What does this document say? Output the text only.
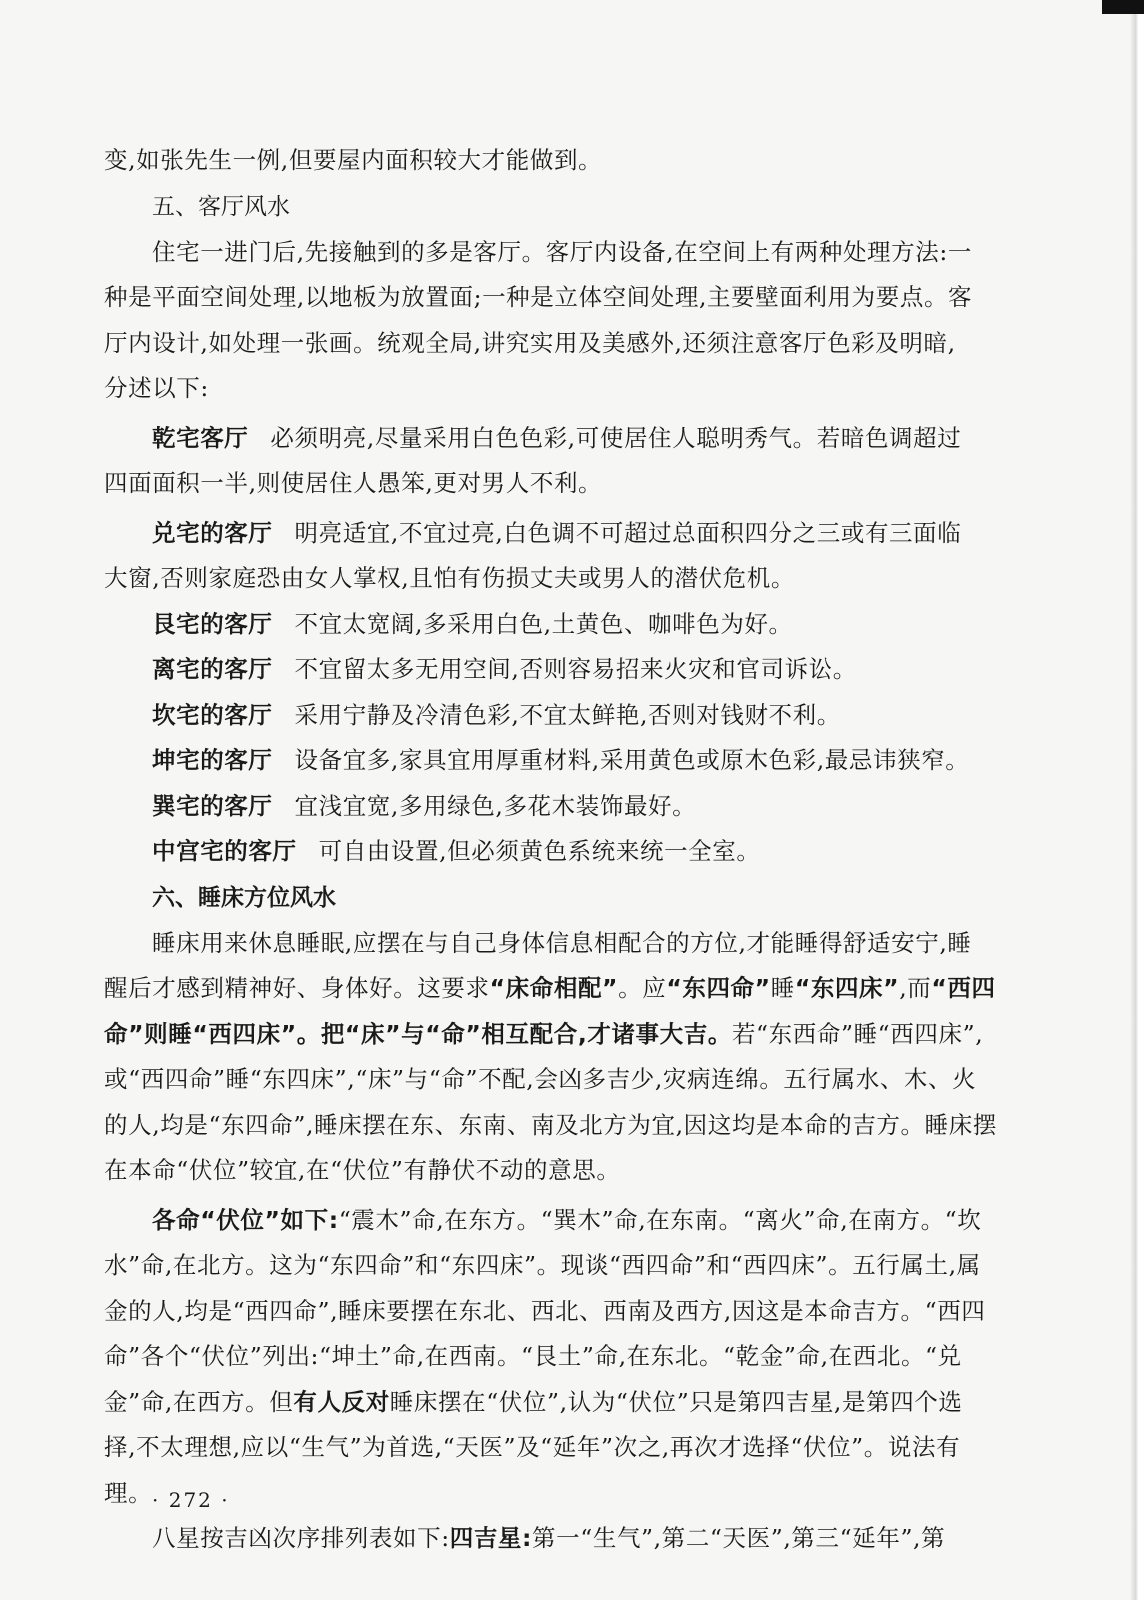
变,如张先生一例,但要屋内面积较大才能做到。
五、客厅风水
住宅一进门后,先接触到的多是客厅。客厅内设备,在空间上有两种处理方法:一
种是平面空间处理,以地板为放置面;一种是立体空间处理,主要壁面利用为要点。客
厅内设计,如处理一张画。统观全局,讲究实用及美感外,还须注意客厅色彩及明暗,
分述以下:
乾宅客厅 必须明亮,尽量采用白色色彩,可使居住人聪明秀气。若暗色调超过
四面面积一半,则使居住人愚笨,更对男人不利。
兑宅的客厅 明亮适宜,不宜过亮,白色调不可超过总面积四分之三或有三面临
大窗,否则家庭恐由女人掌权,且怕有伤损丈夫或男人的潜伏危机。
艮宅的客厅 不宜太宽阔,多采用白色,土黄色、咖啡色为好。
离宅的客厅 不宜留太多无用空间,否则容易招来火灾和官司诉讼。
坎宅的客厅 采用宁静及冷清色彩,不宜太鲜艳,否则对钱财不利。
坤宅的客厅 设备宜多,家具宜用厚重材料,采用黄色或原木色彩,最忌讳狭窄。
巽宅的客厅 宜浅宜宽,多用绿色,多花木装饰最好。
中宫宅的客厅 可自由设置,但必须黄色系统来统一全室。
六、睡床方位风水
睡床用来休息睡眠,应摆在与自己身体信息相配合的方位,才能睡得舒适安宁,睡
醒后才感到精神好、身体好。这要求“床命相配”。应“东四命”睡“东四床”,而“西四
命”则睡“西四床”。把“床”与“命”相互配合,才诸事大吉。若“东西命”睡“西四床”,
或“西四命”睡“东四床”,“床”与“命”不配,会凶多吉少,灾病连绵。五行属水、木、火
的人,均是“东四命”,睡床摆在东、东南、南及北方为宜,因这均是本命的吉方。睡床摆
在本命“伏位”较宜,在“伏位”有静伏不动的意思。
各命“伏位”如下:“震木”命,在东方。“巽木”命,在东南。“离火”命,在南方。“坎
水”命,在北方。这为“东四命”和“东四床”。现谈“西四命”和“西四床”。五行属土,属
金的人,均是“西四命”,睡床要摆在东北、西北、西南及西方,因这是本命吉方。“西四
命”各个“伏位”列出:“坤土”命,在西南。“艮土”命,在东北。“乾金”命,在西北。“兑
金”命,在西方。但有人反对睡床摆在“伏位”,认为“伏位”只是第四吉星,是第四个选
择,不太理想,应以“生气”为首选,“天医”及“延年”次之,再次才选择“伏位”。说法有
理。
八星按吉凶次序排列表如下:四吉星:第一“生气”,第二“天医”,第三“延年”,第
· 272 ·
